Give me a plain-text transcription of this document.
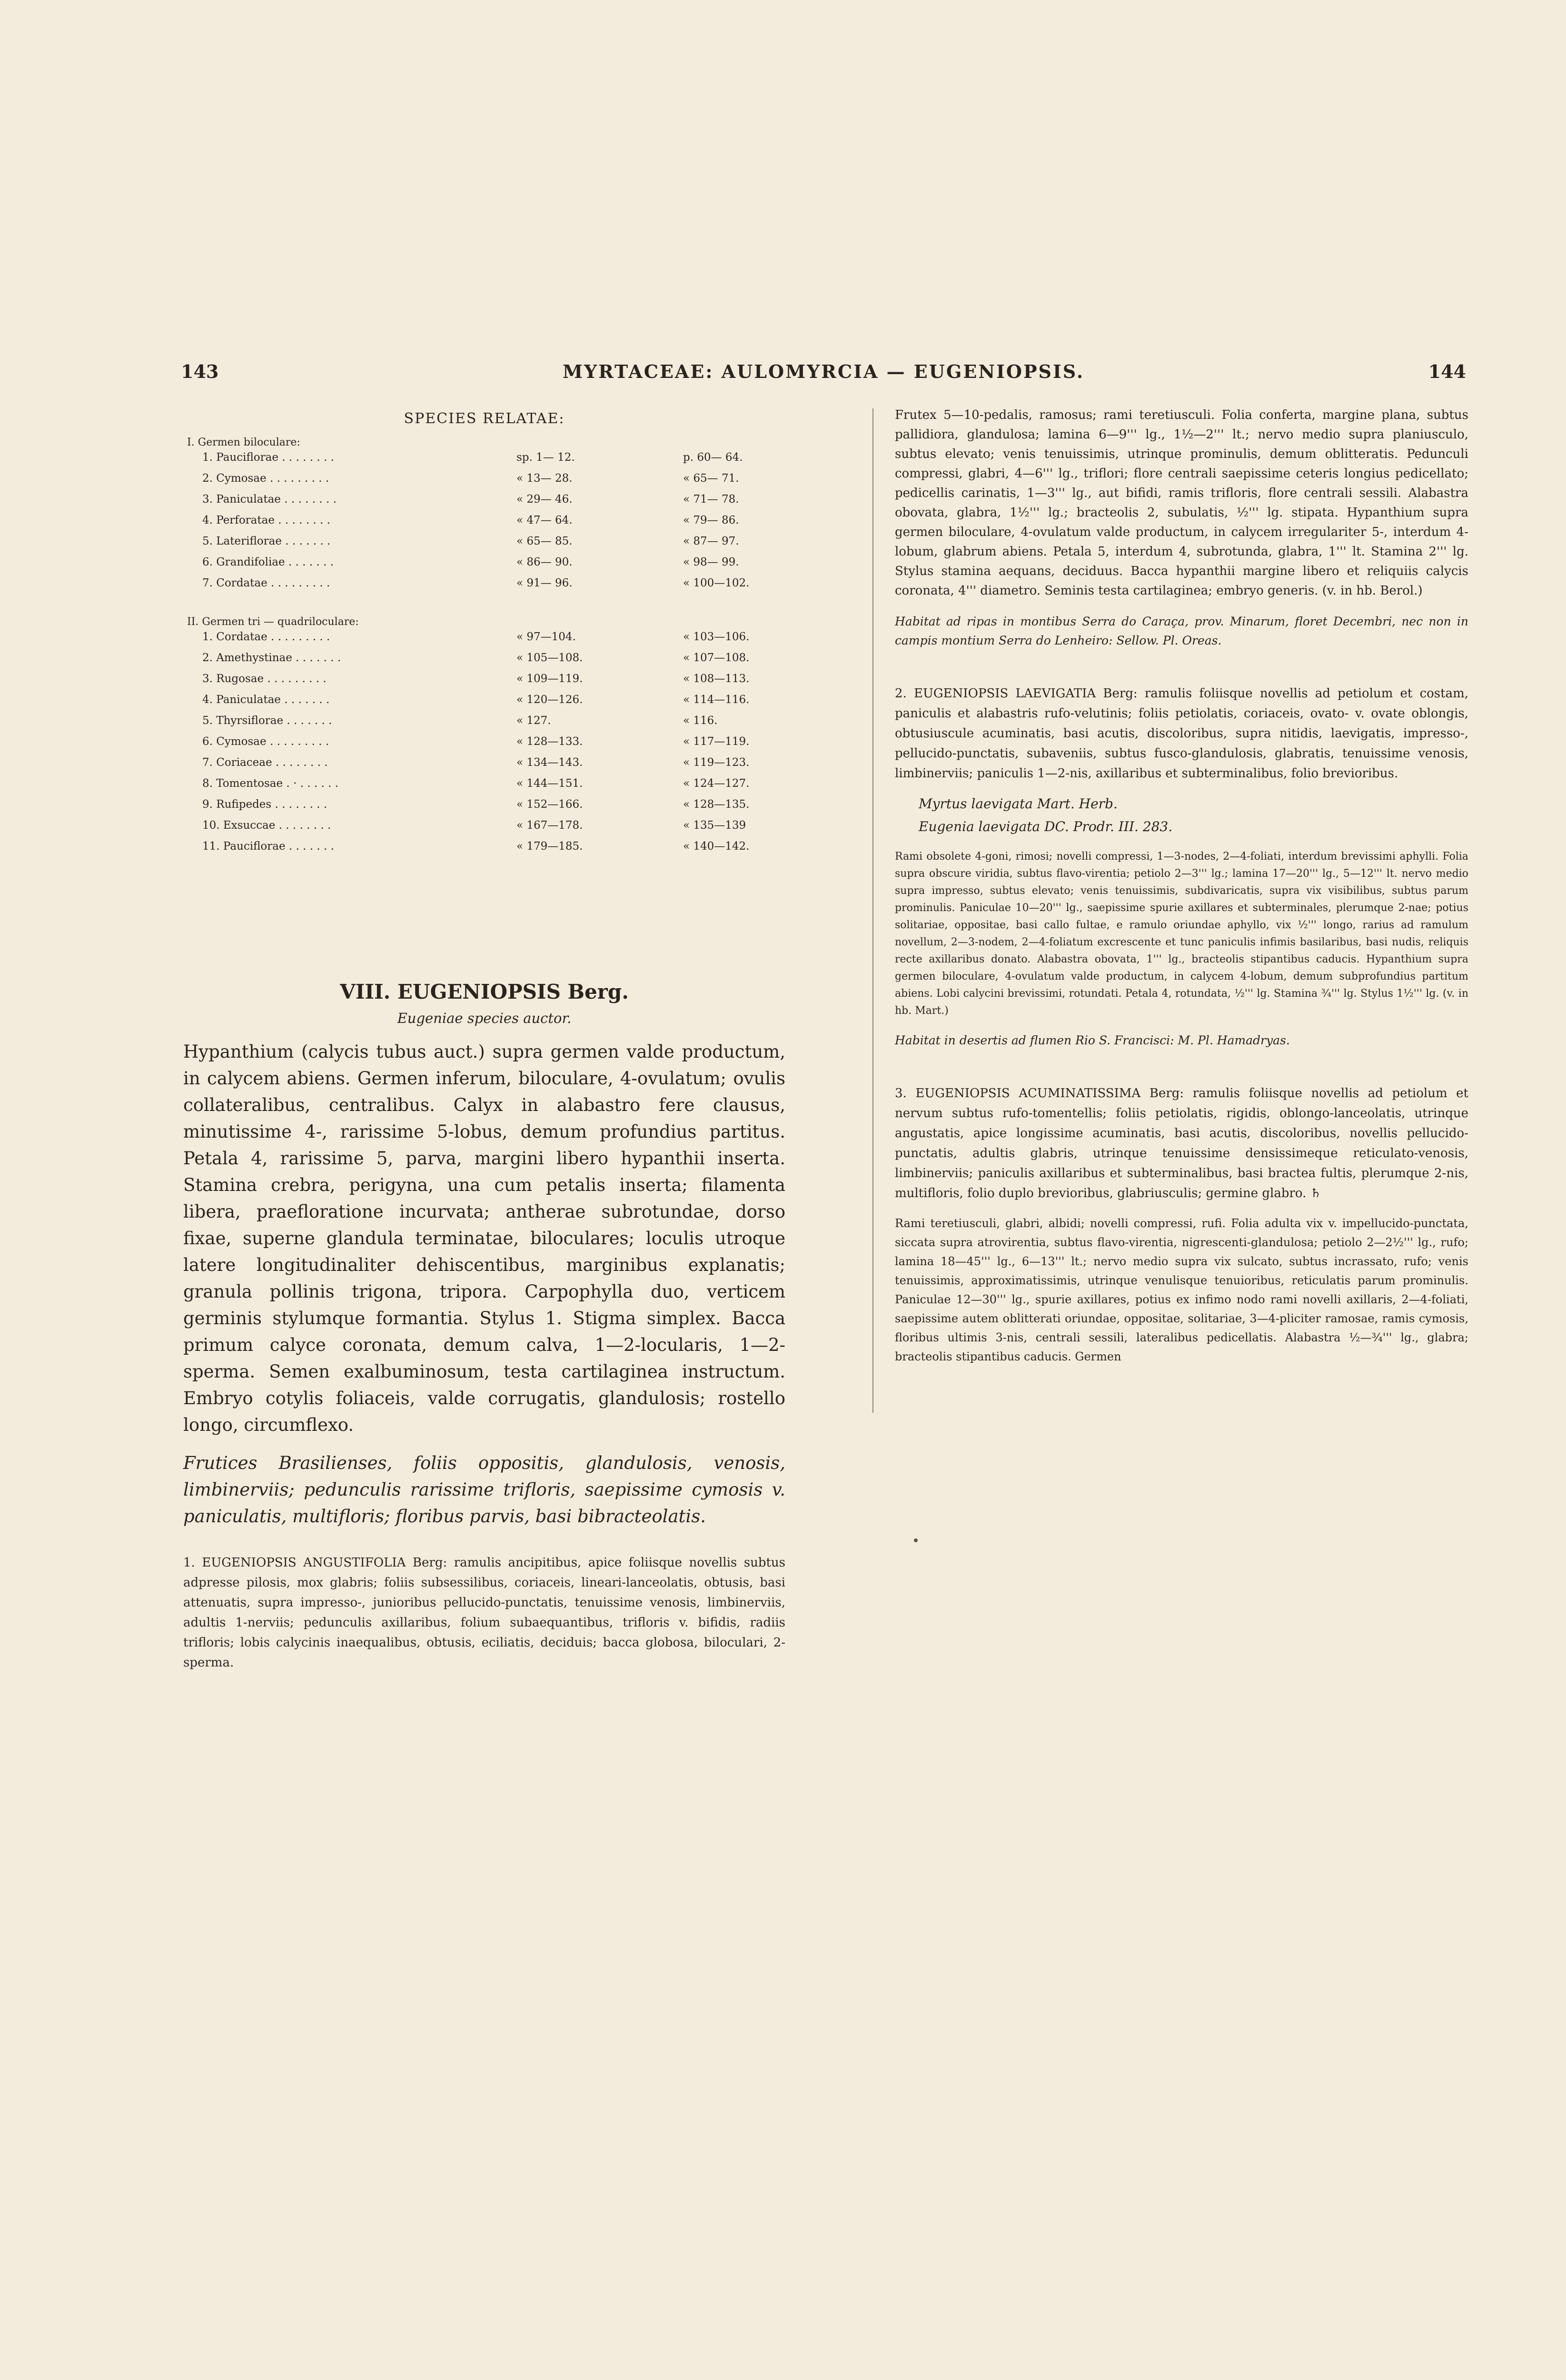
143	MYRTACEAE: AULOMYRCIA — EUGENIOPSIS.	144
SPECIES RELATAE:
I. Germen biloculare:
1. Pauciflorae . . . . . . . .	sp. 1— 12.	p. 60— 64.
2. Cymosae . . . . . . . . .	« 13— 28.	« 65— 71.
3. Paniculatae . . . . . . . .	« 29— 46.	« 71— 78.
4. Perforatae . . . . . . . .	« 47— 64.	« 79— 86.
5. Lateriflorae . . . . . . .	« 65— 85.	« 87— 97.
6. Grandifoliae . . . . . . .	« 86— 90.	« 98— 99.
7. Cordatae . . . . . . . . .	« 91— 96.	« 100—102.
II. Germen tri — quadriloculare:
1. Cordatae . . . . . . . . .	« 97—104.	« 103—106.
2. Amethystinae . . . . . . .	« 105—108.	« 107—108.
3. Rugosae . . . . . . . . .	« 109—119.	« 108—113.
4. Paniculatae . . . . . . .	« 120—126.	« 114—116.
5. Thyrsiflorae . . . . . . .	« 127.	« 116.
6. Cymosae . . . . . . . . .	« 128—133.	« 117—119.
7. Coriaceae . . . . . . . .	« 134—143.	« 119—123.
8. Tomentosae . · . . . . . .	« 144—151.	« 124—127.
9. Rufipedes . . . . . . . .	« 152—166.	« 128—135.
10. Exsuccae . . . . . . . .	« 167—178.	« 135—139
11. Pauciflorae . . . . . . .	« 179—185.	« 140—142.
VIII. EUGENIOPSIS Berg.
Eugeniae species auctor.

Hypanthium (calycis tubus auct.) supra germen valde productum, in calycem abiens. Germen inferum, biloculare, 4-ovulatum; ovulis collateralibus, centralibus. Calyx in alabastro fere clausus, minutissime 4-, rarissime 5-lobus, demum profundius partitus. Petala 4, rarissime 5, parva, margini libero hypanthii inserta. Stamina crebra, perigyna, una cum petalis inserta; filamenta libera, praefloratione incurvata; antherae subrotundae, dorso fixae, superne glandula terminatae, biloculares; loculis utroque latere longitudinaliter dehiscentibus, marginibus explanatis; granula pollinis trigona, tripora. Carpophylla duo, verticem germinis stylumque formantia. Stylus 1. Stigma simplex. Bacca primum calyce coronata, demum calva, 1—2-locularis, 1—2-sperma. Semen exalbuminosum, testa cartilaginea instructum. Embryo cotylis foliaceis, valde corrugatis, glandulosis; rostello longo, circumflexo.

Frutices Brasilienses, foliis oppositis, glandulosis, venosis, limbinerviis; pedunculis rarissime trifloris, saepissime cymosis v. paniculatis, multifloris; floribus parvis, basi bibracteolatis.

1. EUGENIOPSIS ANGUSTIFOLIA Berg: ramulis ancipitibus, apice foliisque novellis subtus adpresse pilosis, mox glabris; foliis subsessilibus, coriaceis, lineari-lanceolatis, obtusis, basi attenuatis, supra impresso-, junioribus pellucido-punctatis, tenuissime venosis, limbinerviis, adultis 1-nerviis; pedunculis axillaribus, folium subaequantibus, trifloris v. bifidis, radiis trifloris; lobis calycinis inaequalibus, obtusis, eciliatis, deciduis; bacca globosa, biloculari, 2-sperma.

Frutex 5—10-pedalis, ramosus; rami teretiusculi. Folia conferta, margine plana, subtus pallidiora, glandulosa; lamina 6—9''' lg., 1½—2''' lt.; nervo medio supra planiusculo, subtus elevato; venis tenuissimis, utrinque prominulis, demum oblitteratis. Pedunculi compressi, glabri, 4—6''' lg., triflori; flore centrali saepissime ceteris longius pedicellato; pedicellis carinatis, 1—3''' lg., aut bifidi, ramis trifloris, flore centrali sessili. Alabastra obovata, glabra, 1½''' lg.; bracteolis 2, subulatis, ½''' lg. stipata. Hypanthium supra germen biloculare, 4-ovulatum valde productum, in calycem irregulariter 5-, interdum 4-lobum, glabrum abiens. Petala 5, interdum 4, subrotunda, glabra, 1''' lt. Stamina 2''' lg. Stylus stamina aequans, deciduus. Bacca hypanthii margine libero et reliquiis calycis coronata, 4''' diametro. Seminis testa cartilaginea; embryo generis. (v. in hb. Berol.)

Habitat ad ripas in montibus Serra do Caraça, prov. Minarum, floret Decembri, nec non in campis montium Serra do Lenheiro: Sellow. Pl. Oreas.

2. EUGENIOPSIS LAEVIGATIA Berg: ramulis foliisque novellis ad petiolum et costam, paniculis et alabastris rufo-velutinis; foliis petiolatis, coriaceis, ovato- v. ovate oblongis, obtusiuscule acuminatis, basi acutis, discoloribus, supra nitidis, laevigatis, impresso-, pellucido-punctatis, subaveniis, subtus fusco-glandulosis, glabratis, tenuissime venosis, limbinerviis; paniculis 1—2-nis, axillaribus et subterminalibus, folio brevioribus.

Myrtus laevigata Mart. Herb.

Eugenia laevigata DC. Prodr. III. 283.

Rami obsolete 4-goni, rimosi; novelli compressi, 1—3-nodes, 2—4-foliati, interdum brevissimi aphylli. Folia supra obscure viridia, subtus flavo-virentia; petiolo 2—3''' lg.; lamina 17—20''' lg., 5—12''' lt. nervo medio supra impresso, subtus elevato; venis tenuissimis, subdivaricatis, supra vix visibilibus, subtus parum prominulis. Paniculae 10—20''' lg., saepissime spurie axillares et subterminales, plerumque 2-nae; potius solitariae, oppositae, basi callo fultae, e ramulo oriundae aphyllo, vix ½''' longo, rarius ad ramulum novellum, 2—3-nodem, 2—4-foliatum excrescente et tunc paniculis infimis basilaribus, basi nudis, reliquis recte axillaribus donato. Alabastra obovata, 1''' lg., bracteolis stipantibus caducis. Hypanthium supra germen biloculare, 4-ovulatum valde productum, in calycem 4-lobum, demum subprofundius partitum abiens. Lobi calycini brevissimi, rotundati. Petala 4, rotundata, ½''' lg. Stamina ¾''' lg. Stylus 1½''' lg. (v. in hb. Mart.)

Habitat in desertis ad flumen Rio S. Francisci: M. Pl. Hamadryas.

3. EUGENIOPSIS ACUMINATISSIMA Berg: ramulis foliisque novellis ad petiolum et nervum subtus rufo-tomentellis; foliis petiolatis, rigidis, oblongo-lanceolatis, utrinque angustatis, apice longissime acuminatis, basi acutis, discoloribus, novellis pellucido-punctatis, adultis glabris, utrinque tenuissime densissimeque reticulato-venosis, limbinerviis; paniculis axillaribus et subterminalibus, basi bractea fultis, plerumque 2-nis, multifloris, folio duplo brevioribus, glabriusculis; germine glabro. ♄

Rami teretiusculi, glabri, albidi; novelli compressi, rufi. Folia adulta vix v. impellucido-punctata, siccata supra atrovirentia, subtus flavo-virentia, nigrescenti-glandulosa; petiolo 2—2½''' lg., rufo; lamina 18—45''' lg., 6—13''' lt.; nervo medio supra vix sulcato, subtus incrassato, rufo; venis tenuissimis, approximatissimis, utrinque venulisque tenuioribus, reticulatis parum prominulis. Paniculae 12—30''' lg., spurie axillares, potius ex infimo nodo rami novelli axillaris, 2—4-foliati, saepissime autem oblitterati oriundae, oppositae, solitariae, 3—4-pliciter ramosae, ramis cymosis, floribus ultimis 3-nis, centrali sessili, lateralibus pedicellatis. Alabastra ½—¾''' lg., glabra; bracteolis stipantibus caducis. Germen
